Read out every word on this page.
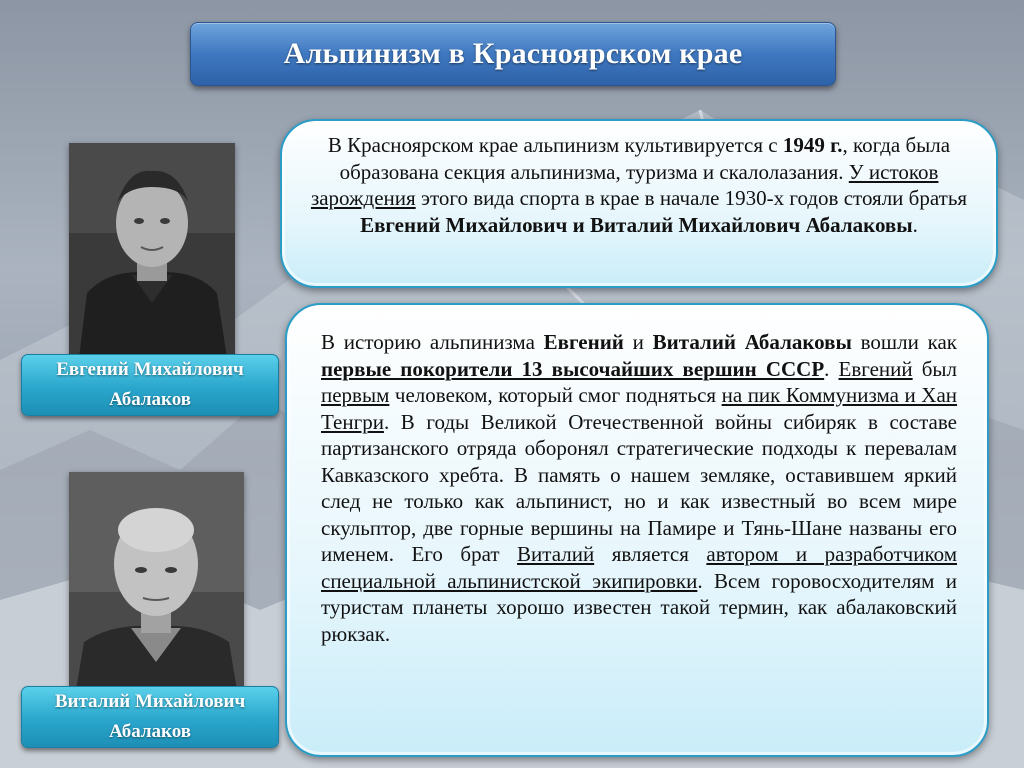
Альпинизм в Красноярском крае
Евгений Михайлович
Абалаков
Виталий Михайлович
Абалаков
В Красноярском крае альпинизм культивируется с 1949 г., когда была образована секция альпинизма, туризма и скалолазания. У истоков зарождения этого вида спорта в крае в начале 1930-х годов стояли братья
Евгений Михайлович и Виталий Михайлович Абалаковы.
В историю альпинизма Евгений и Виталий Абалаковы вошли как первые покорители 13 высочайших вершин СССР. Евгений был первым человеком, который смог подняться на пик Коммунизма и Хан Тенгри. В годы Великой Отечественной войны сибиряк в составе партизанского отряда оборонял стратегические подходы к перевалам Кавказского хребта. В память о нашем земляке, оставившем яркий след не только как альпинист, но и как известный во всем мире скульптор, две горные вершины на Памире и Тянь-Шане названы его именем. Его брат Виталий является автором и разработчиком специальной альпинистской экипировки. Всем горовосходителям и туристам планеты хорошо известен такой термин, как абалаковский рюкзак.
